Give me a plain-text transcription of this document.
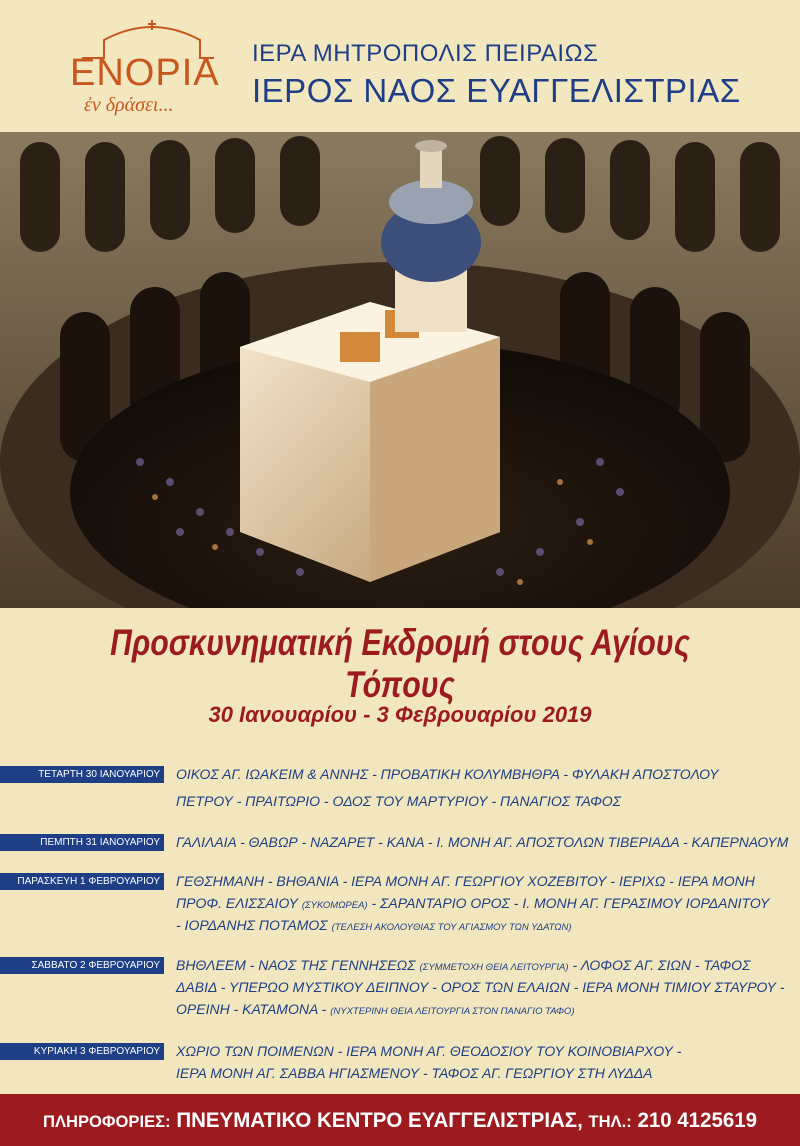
ΕΝΟΡΙΑ
ἐν δράσει...
ΙΕΡΑ ΜΗΤΡΟΠΟΛΙΣ ΠΕΙΡΑΙΩΣ
ΙΕΡΟΣ ΝΑΟΣ ΕΥΑΓΓΕΛΙΣΤΡΙΑΣ
Προσκυνηματική Εκδρομή στους Αγίους Τόπους
30 Ιανουαρίου - 3 Φεβρουαρίου 2019
ΤΕΤΑΡΤΗ 30 ΙΑΝΟΥΑΡΙΟΥ ΟΙΚΟΣ ΑΓ. ΙΩΑΚΕΙΜ & ΑΝΝΗΣ - ΠΡΟΒΑΤΙΚΗ ΚΟΛΥΜΒΗΘΡΑ - ΦΥΛΑΚΗ ΑΠΟΣΤΟΛΟΥ
ΠΕΤΡΟΥ - ΠΡΑΙΤΩΡΙΟ - ΟΔΟΣ ΤΟΥ ΜΑΡΤΥΡΙΟΥ - ΠΑΝΑΓΙΟΣ ΤΑΦΟΣ
ΠΕΜΠΤΗ 31 ΙΑΝΟΥΑΡΙΟΥ ΓΑΛΙΛΑΙΑ - ΘΑΒΩΡ - ΝΑΖΑΡΕΤ - ΚΑΝΑ - Ι. ΜΟΝΗ ΑΓ. ΑΠΟΣΤΟΛΩΝ ΤΙΒΕΡΙΑΔΑ - ΚΑΠΕΡΝΑΟΥΜ
ΠΑΡΑΣΚΕΥΗ 1 ΦΕΒΡΟΥΑΡΙΟΥ ΓΕΘΣΗΜΑΝΗ - ΒΗΘΑΝΙΑ - ΙΕΡΑ ΜΟΝΗ ΑΓ. ΓΕΩΡΓΙΟΥ ΧΟΖΕΒΙΤΟΥ - ΙΕΡΙΧΩ - ΙΕΡΑ ΜΟΝΗ
ΠΡΟΦ. ΕΛΙΣΣΑΙΟΥ (ΣΥΚΟΜΩΡΕΑ) - ΣΑΡΑΝΤΑΡΙΟ ΟΡΟΣ - Ι. ΜΟΝΗ ΑΓ. ΓΕΡΑΣΙΜΟΥ ΙΟΡΔΑΝΙΤΟΥ
- ΙΟΡΔΑΝΗΣ ΠΟΤΑΜΟΣ (ΤΕΛΕΣΗ ΑΚΟΛΟΥΘΙΑΣ ΤΟΥ ΑΓΙΑΣΜΟΥ ΤΩΝ ΥΔΑΤΩΝ)
ΣΑΒΒΑΤΟ 2 ΦΕΒΡΟΥΑΡΙΟΥ ΒΗΘΛΕΕΜ - ΝΑΟΣ ΤΗΣ ΓΕΝΝΗΣΕΩΣ (ΣΥΜΜΕΤΟΧΗ ΘΕΙΑ ΛΕΙΤΟΥΡΓΙΑ) - ΛΟΦΟΣ ΑΓ. ΣΙΩΝ - ΤΑΦΟΣ
ΔΑΒΙΔ - ΥΠΕΡΩΟ ΜΥΣΤΙΚΟΥ ΔΕΙΠΝΟΥ - ΟΡΟΣ ΤΩΝ ΕΛΑΙΩΝ - ΙΕΡΑ ΜΟΝΗ ΤΙΜΙΟΥ ΣΤΑΥΡΟΥ -
ΟΡΕΙΝΗ - ΚΑΤΑΜΟΝΑ - (ΝΥΧΤΕΡΙΝΗ ΘΕΙΑ ΛΕΙΤΟΥΡΓΙΑ ΣΤΟΝ ΠΑΝΑΓΙΟ ΤΑΦΟ)
ΚΥΡΙΑΚΗ 3 ΦΕΒΡΟΥΑΡΙΟΥ ΧΩΡΙΟ ΤΩΝ ΠΟΙΜΕΝΩΝ - ΙΕΡΑ ΜΟΝΗ ΑΓ. ΘΕΟΔΟΣΙΟΥ ΤΟΥ ΚΟΙΝΟΒΙΑΡΧΟΥ -
ΙΕΡΑ ΜΟΝΗ ΑΓ. ΣΑΒΒΑ ΗΓΙΑΣΜΕΝΟΥ - ΤΑΦΟΣ ΑΓ. ΓΕΩΡΓΙΟΥ ΣΤΗ ΛΥΔΔΑ
ΠΛΗΡΟΦΟΡΙΕΣ: ΠΝΕΥΜΑΤΙΚΟ ΚΕΝΤΡΟ ΕΥΑΓΓΕΛΙΣΤΡΙΑΣ, ΤΗΛ.: 210 4125619
